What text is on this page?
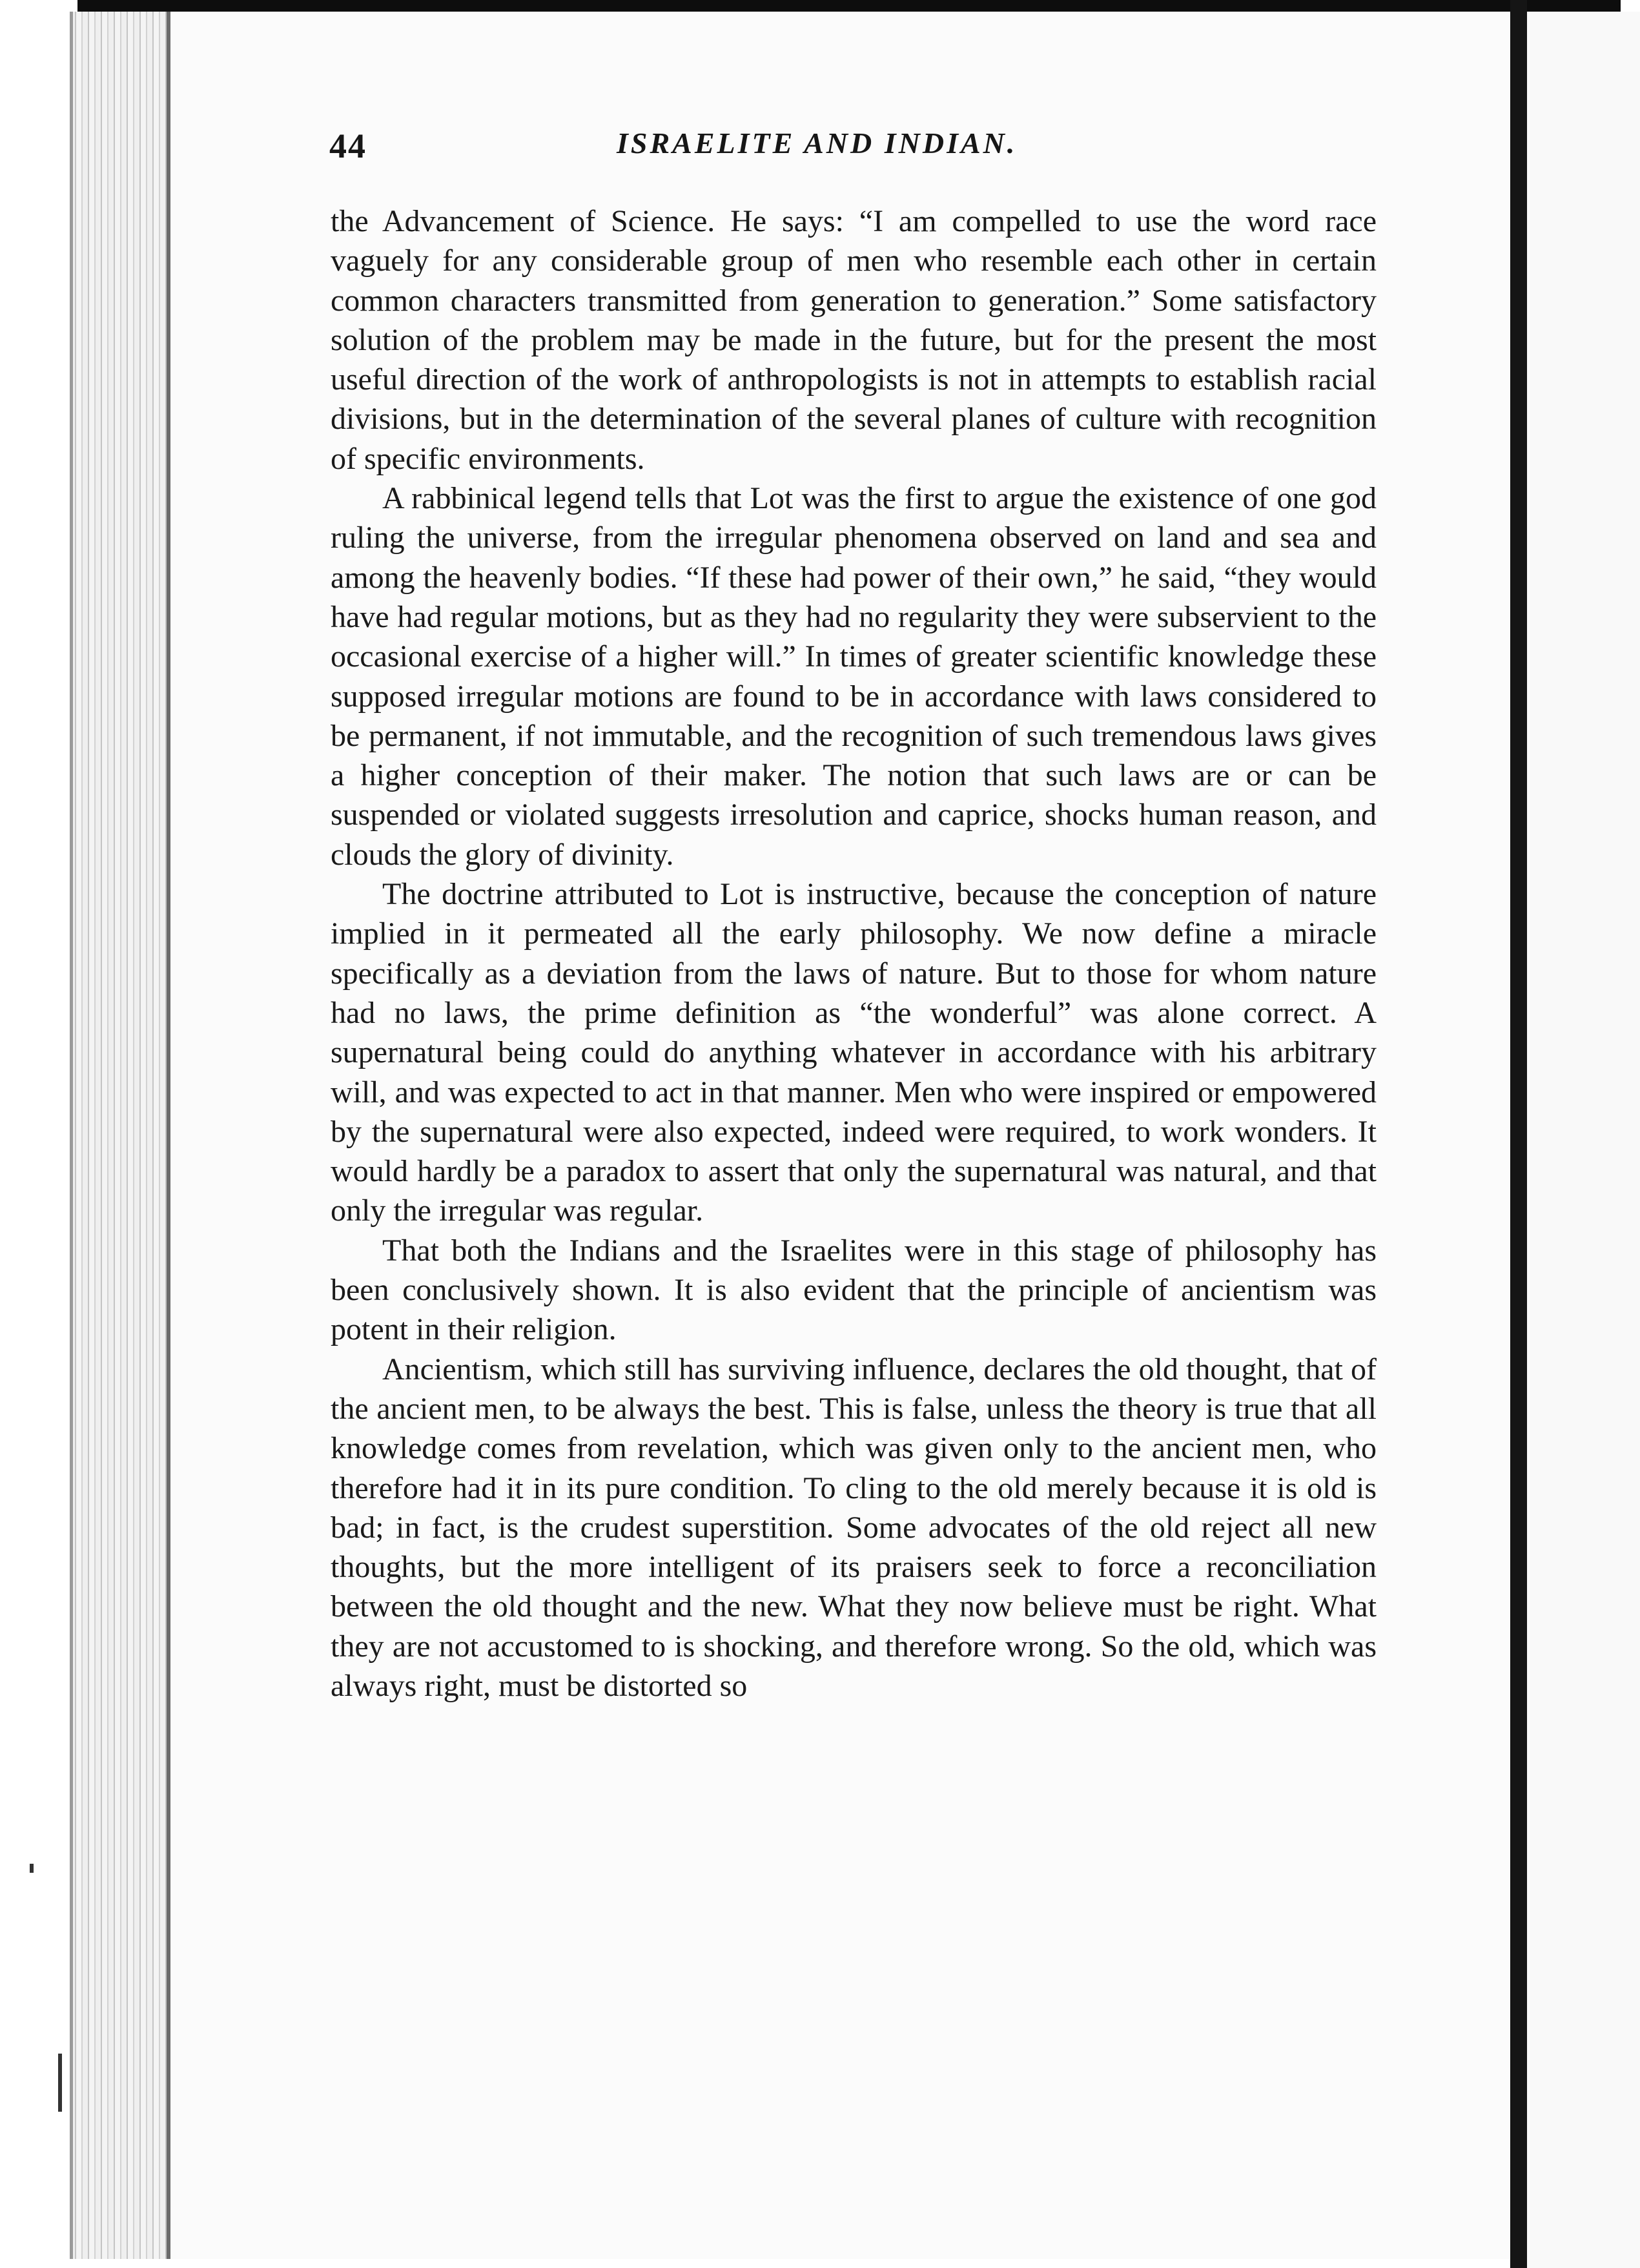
44	ISRAELITE AND INDIAN.

the Advancement of Science. He says: “I am compelled to use the word race vaguely for any considerable group of men who resemble each other in certain common characters transmitted from generation to generation.” Some satisfactory solution of the problem may be made in the future, but for the present the most useful direction of the work of anthropologists is not in attempts to establish racial divisions, but in the determination of the several planes of culture with recognition of specific environments.

A rabbinical legend tells that Lot was the first to argue the existence of one god ruling the universe, from the irregular phenomena observed on land and sea and among the heavenly bodies. “If these had power of their own,” he said, “they would have had regular motions, but as they had no regularity they were subservient to the occasional exercise of a higher will.” In times of greater scientific knowledge these supposed irregular motions are found to be in accordance with laws considered to be permanent, if not immutable, and the recognition of such tremendous laws gives a higher conception of their maker. The notion that such laws are or can be suspended or violated suggests irresolution and caprice, shocks human reason, and clouds the glory of divinity.

The doctrine attributed to Lot is instructive, because the conception of nature implied in it permeated all the early philosophy. We now define a miracle specifically as a deviation from the laws of nature. But to those for whom nature had no laws, the prime definition as “the wonderful” was alone correct. A supernatural being could do anything whatever in accordance with his arbitrary will, and was expected to act in that manner. Men who were inspired or empowered by the supernatural were also expected, indeed were required, to work wonders. It would hardly be a paradox to assert that only the supernatural was natural, and that only the irregular was regular.

That both the Indians and the Israelites were in this stage of philosophy has been conclusively shown. It is also evident that the principle of ancientism was potent in their religion.

Ancientism, which still has surviving influence, declares the old thought, that of the ancient men, to be always the best. This is false, unless the theory is true that all knowledge comes from revelation, which was given only to the ancient men, who therefore had it in its pure condition. To cling to the old merely because it is old is bad; in fact, is the crudest superstition. Some advocates of the old reject all new thoughts, but the more intelligent of its praisers seek to force a reconciliation between the old thought and the new. What they now believe must be right. What they are not accustomed to is shocking, and therefore wrong. So the old, which was always right, must be distorted so
